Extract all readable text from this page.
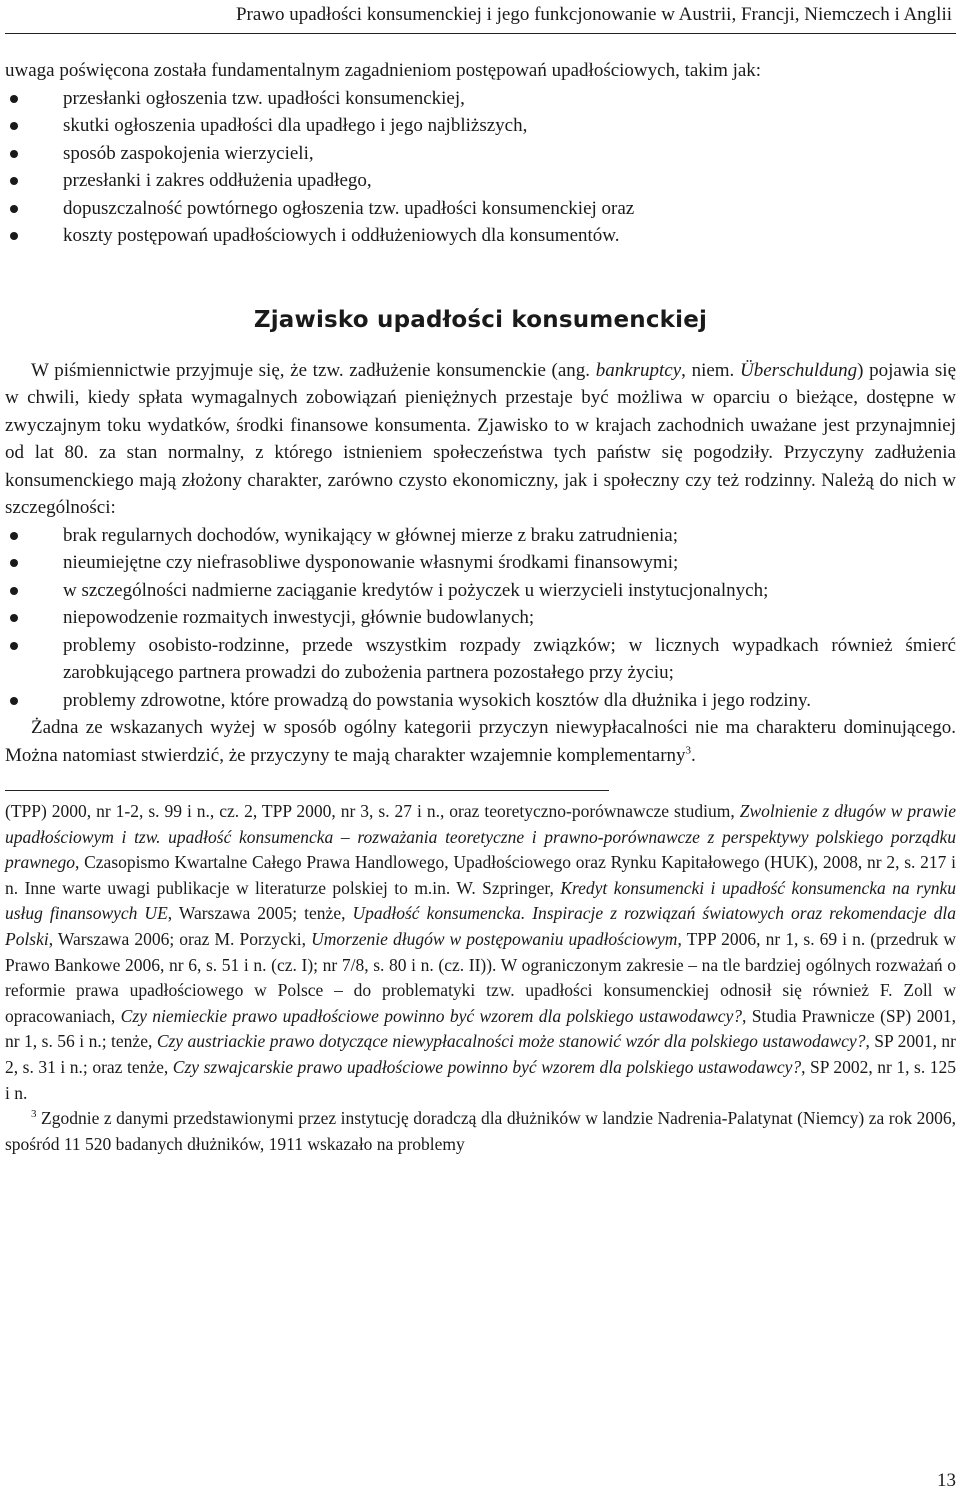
Prawo upadłości konsumenckiej i jego funkcjonowanie w Austrii, Francji, Niemczech i Anglii

uwaga poświęcona została fundamentalnym zagadnieniom postępowań upadłościowych, takim jak:

przesłanki ogłoszenia tzw. upadłości konsumenckiej,
skutki ogłoszenia upadłości dla upadłego i jego najbliższych,
sposób zaspokojenia wierzycieli,
przesłanki i zakres oddłużenia upadłego,
dopuszczalność powtórnego ogłoszenia tzw. upadłości konsumenckiej oraz
koszty postępowań upadłościowych i oddłużeniowych dla konsumentów.
Zjawisko upadłości konsumenckiej

W piśmiennictwie przyjmuje się, że tzw. zadłużenie konsumenckie (ang. bankruptcy, niem. Überschuldung) pojawia się w chwili, kiedy spłata wymagalnych zobowiązań pieniężnych przestaje być możliwa w oparciu o bieżące, dostępne w zwyczajnym toku wydatków, środki finansowe konsumenta. Zjawisko to w krajach zachodnich uważane jest przynajmniej od lat 80. za stan normalny, z którego istnieniem społeczeństwa tych państw się pogodziły. Przyczyny zadłużenia konsumenckiego mają złożony charakter, zarówno czysto ekonomiczny, jak i społeczny czy też rodzinny. Należą do nich w szczególności:

brak regularnych dochodów, wynikający w głównej mierze z braku zatrudnienia;
nieumiejętne czy niefrasobliwe dysponowanie własnymi środkami finansowymi;
w szczególności nadmierne zaciąganie kredytów i pożyczek u wierzycieli instytucjonalnych;
niepowodzenie rozmaitych inwestycji, głównie budowlanych;
problemy osobisto-rodzinne, przede wszystkim rozpady związków; w licznych wypadkach również śmierć zarobkującego partnera prowadzi do zubożenia partnera pozostałego przy życiu;
problemy zdrowotne, które prowadzą do powstania wysokich kosztów dla dłużnika i jego rodziny.

Żadna ze wskazanych wyżej w sposób ogólny kategorii przyczyn niewypłacalności nie ma charakteru dominującego. Można natomiast stwierdzić, że przyczyny te mają charakter wzajemnie komplementarny$^3$.

(TPP) 2000, nr 1-2, s. 99 i n., cz. 2, TPP 2000, nr 3, s. 27 i n., oraz teoretyczno-porównawcze studium, Zwolnienie z długów w prawie upadłościowym i tzw. upadłość konsumencka – rozważania teoretyczne i prawno-porównawcze z perspektywy polskiego porządku prawnego, Czasopismo Kwartalne Całego Prawa Handlowego, Upadłościowego oraz Rynku Kapitałowego (HUK), 2008, nr 2, s. 217 i n. Inne warte uwagi publikacje w literaturze polskiej to m.in. W. Szpringer, Kredyt konsumencki i upadłość konsumencka na rynku usług finansowych UE, Warszawa 2005; tenże, Upadłość konsumencka. Inspiracje z rozwiązań światowych oraz rekomendacje dla Polski, Warszawa 2006; oraz M. Porzycki, Umorzenie długów w postępowaniu upadłościowym, TPP 2006, nr 1, s. 69 i n. (przedruk w Prawo Bankowe 2006, nr 6, s. 51 i n. (cz. I); nr 7/8, s. 80 i n. (cz. II)). W ograniczonym zakresie – na tle bardziej ogólnych rozważań o reformie prawa upadłościowego w Polsce – do problematyki tzw. upadłości konsumenckiej odnosił się również F. Zoll w opracowaniach, Czy niemieckie prawo upadłościowe powinno być wzorem dla polskiego ustawodawcy?, Studia Prawnicze (SP) 2001, nr 1, s. 56 i n.; tenże, Czy austriackie prawo dotyczące niewypłacalności może stanowić wzór dla polskiego ustawodawcy?, SP 2001, nr 2, s. 31 i n.; oraz tenże, Czy szwajcarskie prawo upadłościowe powinno być wzorem dla polskiego ustawodawcy?, SP 2002, nr 1, s. 125 i n.

$^3$ Zgodnie z danymi przedstawionymi przez instytucję doradczą dla dłużników w landzie Nadrenia-Palatynat (Niemcy) za rok 2006, spośród 11 520 badanych dłużników, 1911 wskazało na problemy

13
